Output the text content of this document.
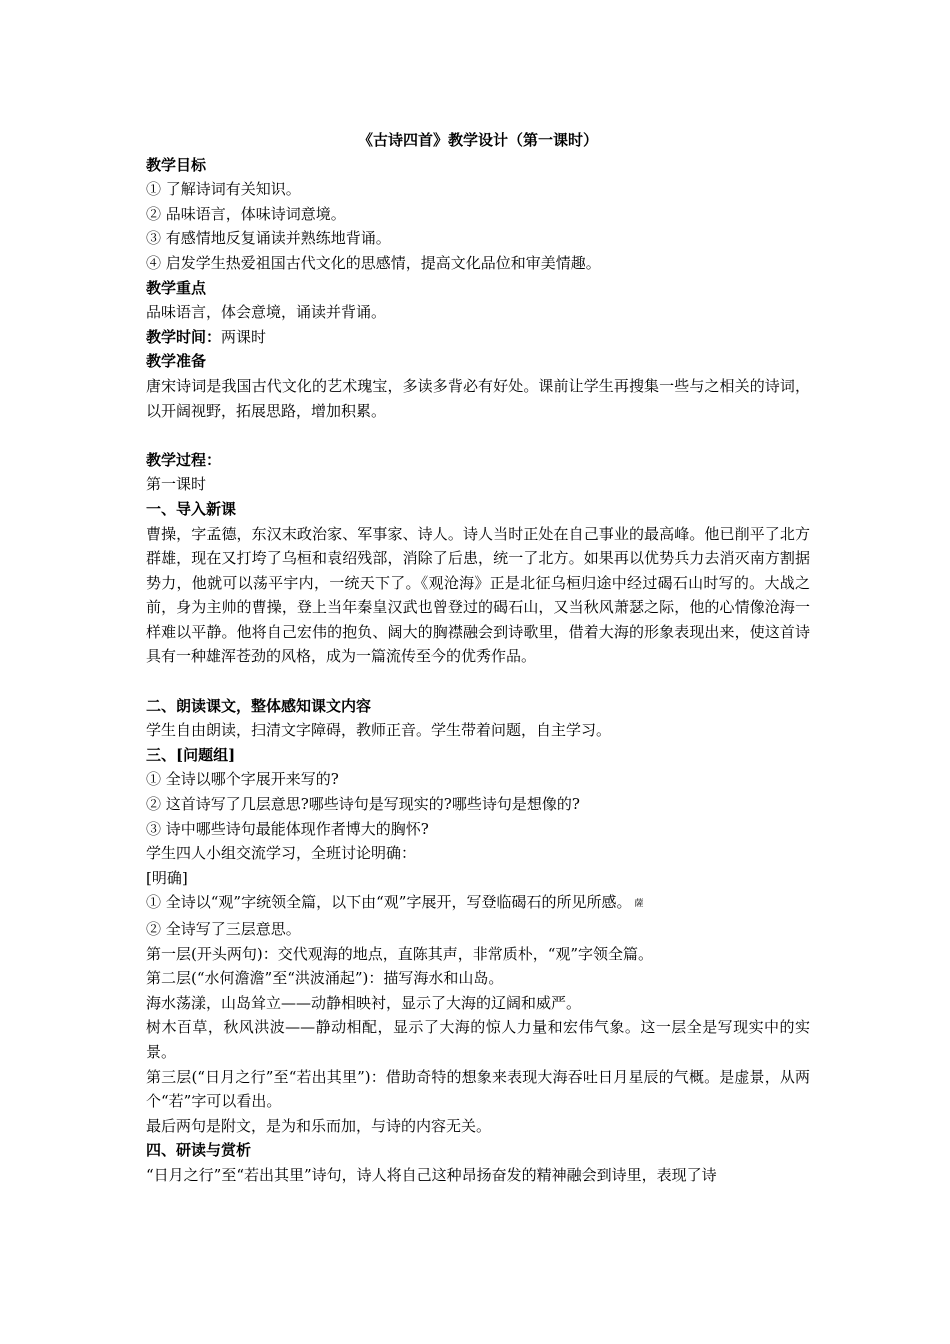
《古诗四首》教学设计（第一课时）

教学目标

① 了解诗词有关知识。

② 品味语言，体味诗词意境。

③ 有感情地反复诵读并熟练地背诵。

④ 启发学生热爱祖国古代文化的思感情，提高文化品位和审美情趣。

教学重点

品味语言，体会意境，诵读并背诵。

教学时间：两课时

教学准备

唐宋诗词是我国古代文化的艺术瑰宝，多读多背必有好处。课前让学生再搜集一些与之相关的诗词，以开阔视野，拓展思路，增加积累。

教学过程：

第一课时

一、导入新课

曹操，字孟德，东汉末政治家、军事家、诗人。诗人当时正处在自己事业的最高峰。他已削平了北方群雄，现在又打垮了乌桓和袁绍残部，消除了后患，统一了北方。如果再以优势兵力去消灭南方割据势力，他就可以荡平宇内，一统天下了。《观沧海》正是北征乌桓归途中经过碣石山时写的。大战之前，身为主帅的曹操，登上当年秦皇汉武也曾登过的碣石山，又当秋风萧瑟之际，他的心情像沧海一样难以平静。他将自己宏伟的抱负、阔大的胸襟融会到诗歌里，借着大海的形象表现出来，使这首诗具有一种雄浑苍劲的风格，成为一篇流传至今的优秀作品。

二、朗读课文，整体感知课文内容

学生自由朗读，扫清文字障碍，教师正音。学生带着问题，自主学习。

三、[问题组]

① 全诗以哪个字展开来写的?

② 这首诗写了几层意思?哪些诗句是写现实的?哪些诗句是想像的?

③ 诗中哪些诗句最能体现作者博大的胸怀?

学生四人小组交流学习，全班讨论明确：

[明确]

① 全诗以“观”字统领全篇，以下由“观”字展开，写登临碣石的所见所感。 薩

② 全诗写了三层意思。

第一层(开头两句)：交代观海的地点，直陈其声，非常质朴，“观”字领全篇。

第二层(“水何澹澹”至“洪波涌起”)：描写海水和山岛。

海水荡漾，山岛耸立——动静相映衬，显示了大海的辽阔和威严。

树木百草，秋风洪波——静动相配，显示了大海的惊人力量和宏伟气象。这一层全是写现实中的实景。

第三层(“日月之行”至“若出其里”)：借助奇特的想象来表现大海吞吐日月星辰的气概。是虚景，从两个“若”字可以看出。

最后两句是附文，是为和乐而加，与诗的内容无关。

四、研读与赏析

“日月之行”至“若出其里”诗句，诗人将自己这种昂扬奋发的精神融会到诗里，表现了诗
